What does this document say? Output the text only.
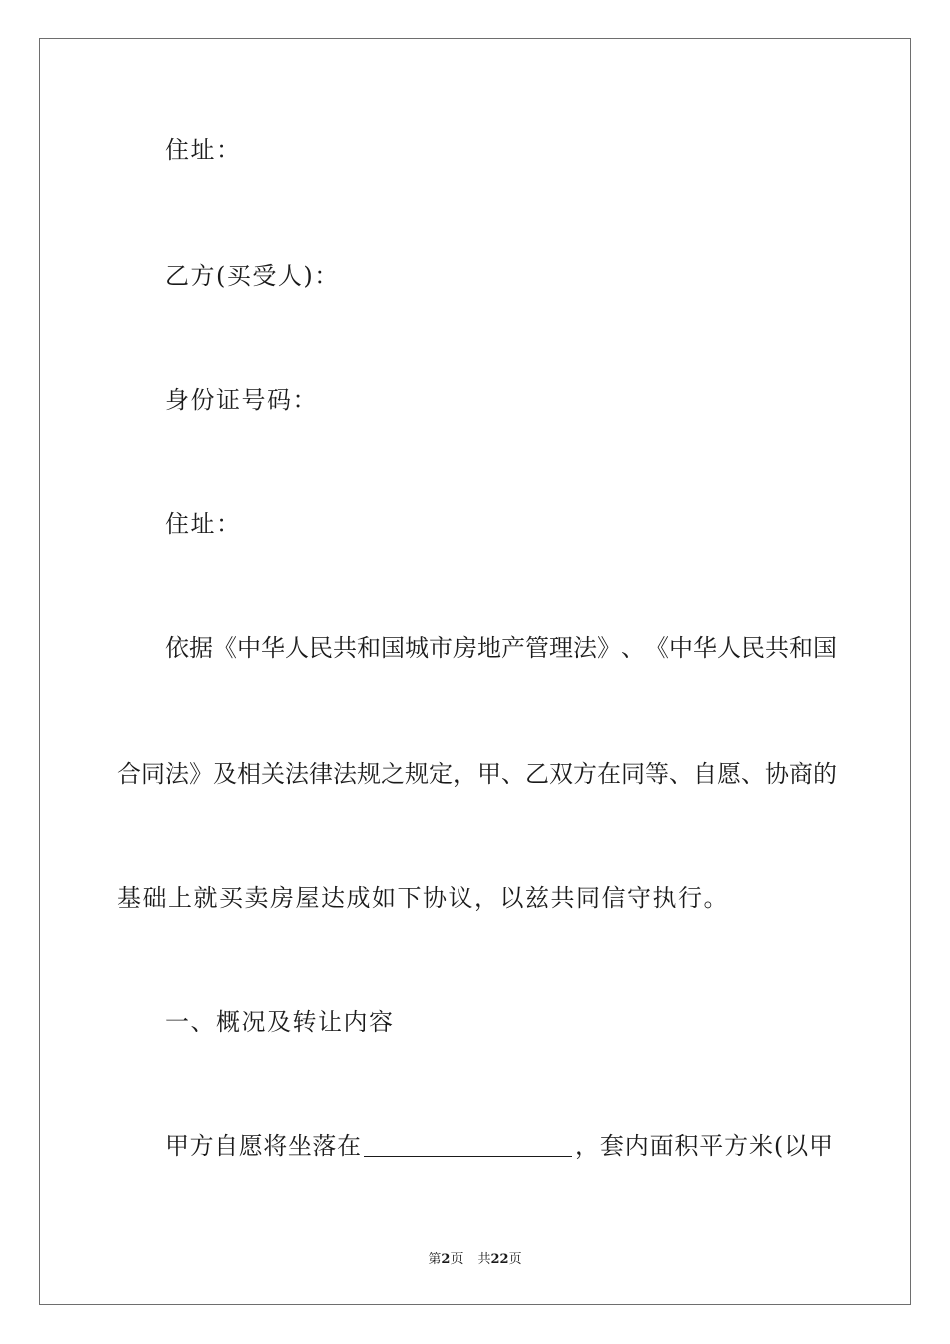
住址：
乙方(买受人)：
身份证号码：
住址：
依 据 《 中 华 人 民 共 和 国 城 市 房 地 产 管 理 法 》 、 《 中 华 人 民 共 和 国
合 同 法 》 及 相 关 法 律 法 规 之 规 定 ， 甲 、 乙 双 方 在 同 等 、 自 愿 、 协 商 的
基础上就买卖房屋达成如下协议，以兹共同信守执行。
一、概况及转让内容
甲 方 自 愿 将 坐 落 在	， 套 内 面 积 平 方 米 ( 以 甲
第2页 共22页
